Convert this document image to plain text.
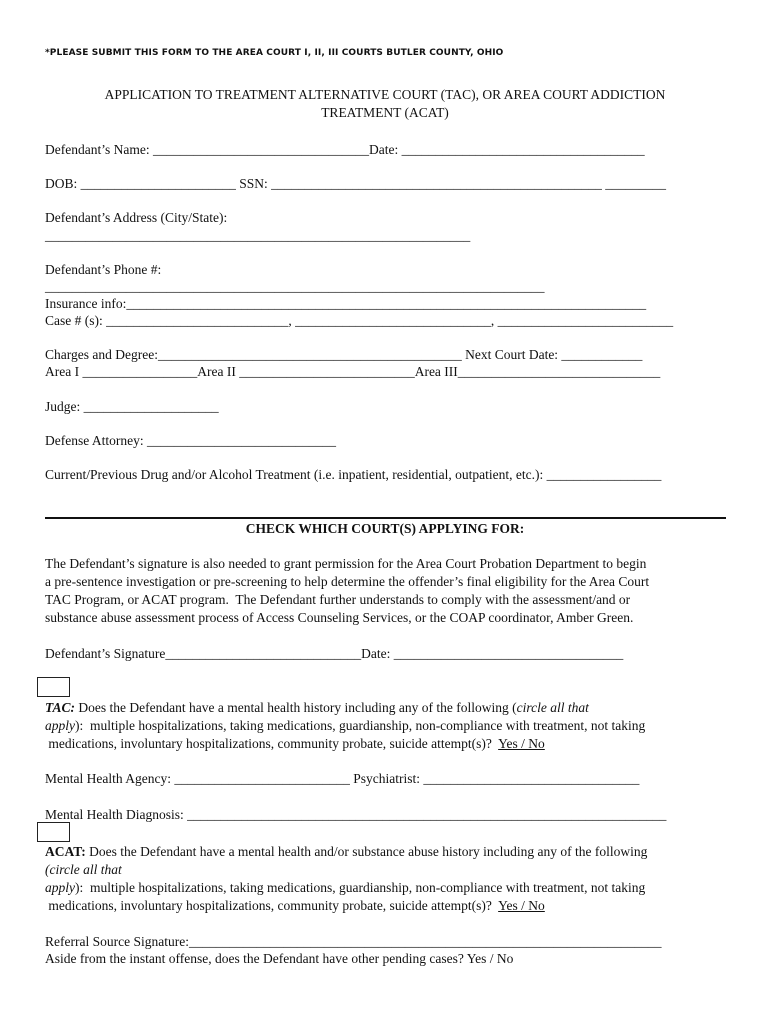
*PLEASE SUBMIT THIS FORM TO THE AREA COURT I, II, III COURTS BUTLER COUNTY, OHIO
APPLICATION TO TREATMENT ALTERNATIVE COURT (TAC), OR AREA COURT ADDICTION
TREATMENT (ACAT)
Defendant’s Name: ________________________________Date: ____________________________________
DOB: _______________________ SSN: _________________________________________________ _________
Defendant’s Address (City/State):
_______________________________________________________________
Defendant’s Phone #:
__________________________________________________________________________
Insurance info:_____________________________________________________________________________
Case # (s): ___________________________, _____________________________, __________________________
Charges and Degree:_____________________________________________ Next Court Date: ____________
Area I _________________Area II __________________________Area III______________________________
Judge: ____________________
Defense Attorney: ____________________________
Current/Previous Drug and/or Alcohol Treatment (i.e. inpatient, residential, outpatient, etc.): _________________
CHECK WHICH COURT(S) APPLYING FOR:
The Defendant’s signature is also needed to grant permission for the Area Court Probation Department to begin
a pre-sentence investigation or pre-screening to help determine the offender’s final eligibility for the Area Court
TAC Program, or ACAT program.  The Defendant further understands to comply with the assessment/and or
substance abuse assessment process of Access Counseling Services, or the COAP coordinator, Amber Green.
Defendant’s Signature_____________________________Date: __________________________________
TAC: Does the Defendant have a mental health history including any of the following (circle all that
apply):  multiple hospitalizations, taking medications, guardianship, non-compliance with treatment, not taking
medications, involuntary hospitalizations, community probate, suicide attempt(s)?  Yes / No
Mental Health Agency: __________________________ Psychiatrist: ________________________________
Mental Health Diagnosis: _______________________________________________________________________
ACAT: Does the Defendant have a mental health and/or substance abuse history including any of the following
(circle all that
apply):  multiple hospitalizations, taking medications, guardianship, non-compliance with treatment, not taking
medications, involuntary hospitalizations, community probate, suicide attempt(s)?  Yes / No
Referral Source Signature:______________________________________________________________________
Aside from the instant offense, does the Defendant have other pending cases? Yes / No
